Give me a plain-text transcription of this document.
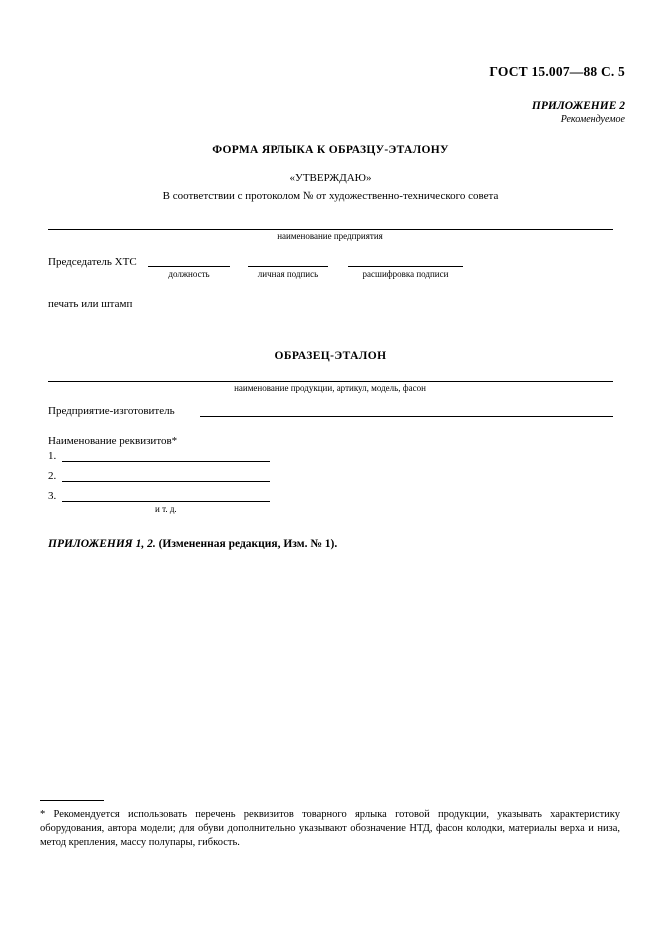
ГОСТ 15.007—88 С. 5
ПРИЛОЖЕНИЕ 2
Рекомендуемое
ФОРМА ЯРЛЫКА К ОБРАЗЦУ-ЭТАЛОНУ
«УТВЕРЖДАЮ»
В соответствии с протоколом № от художественно-технического совета
наименование предприятия
Председатель ХТС
должность	личная подпись	расшифровка подписи
печать или штамп
ОБРАЗЕЦ-ЭТАЛОН
наименование продукции, артикул, модель, фасон
Предприятие-изготовитель
Наименование реквизитов*
1.
2.
3.
и т. д.
ПРИЛОЖЕНИЯ 1, 2. (Измененная редакция, Изм. № 1).
* Рекомендуется использовать перечень реквизитов товарного ярлыка готовой продукции, указывать характеристику оборудования, автора модели; для обуви дополнительно указывают обозначение НТД, фасон колодки, материалы верха и низа, метод крепления, массу полупары, гибкость.
